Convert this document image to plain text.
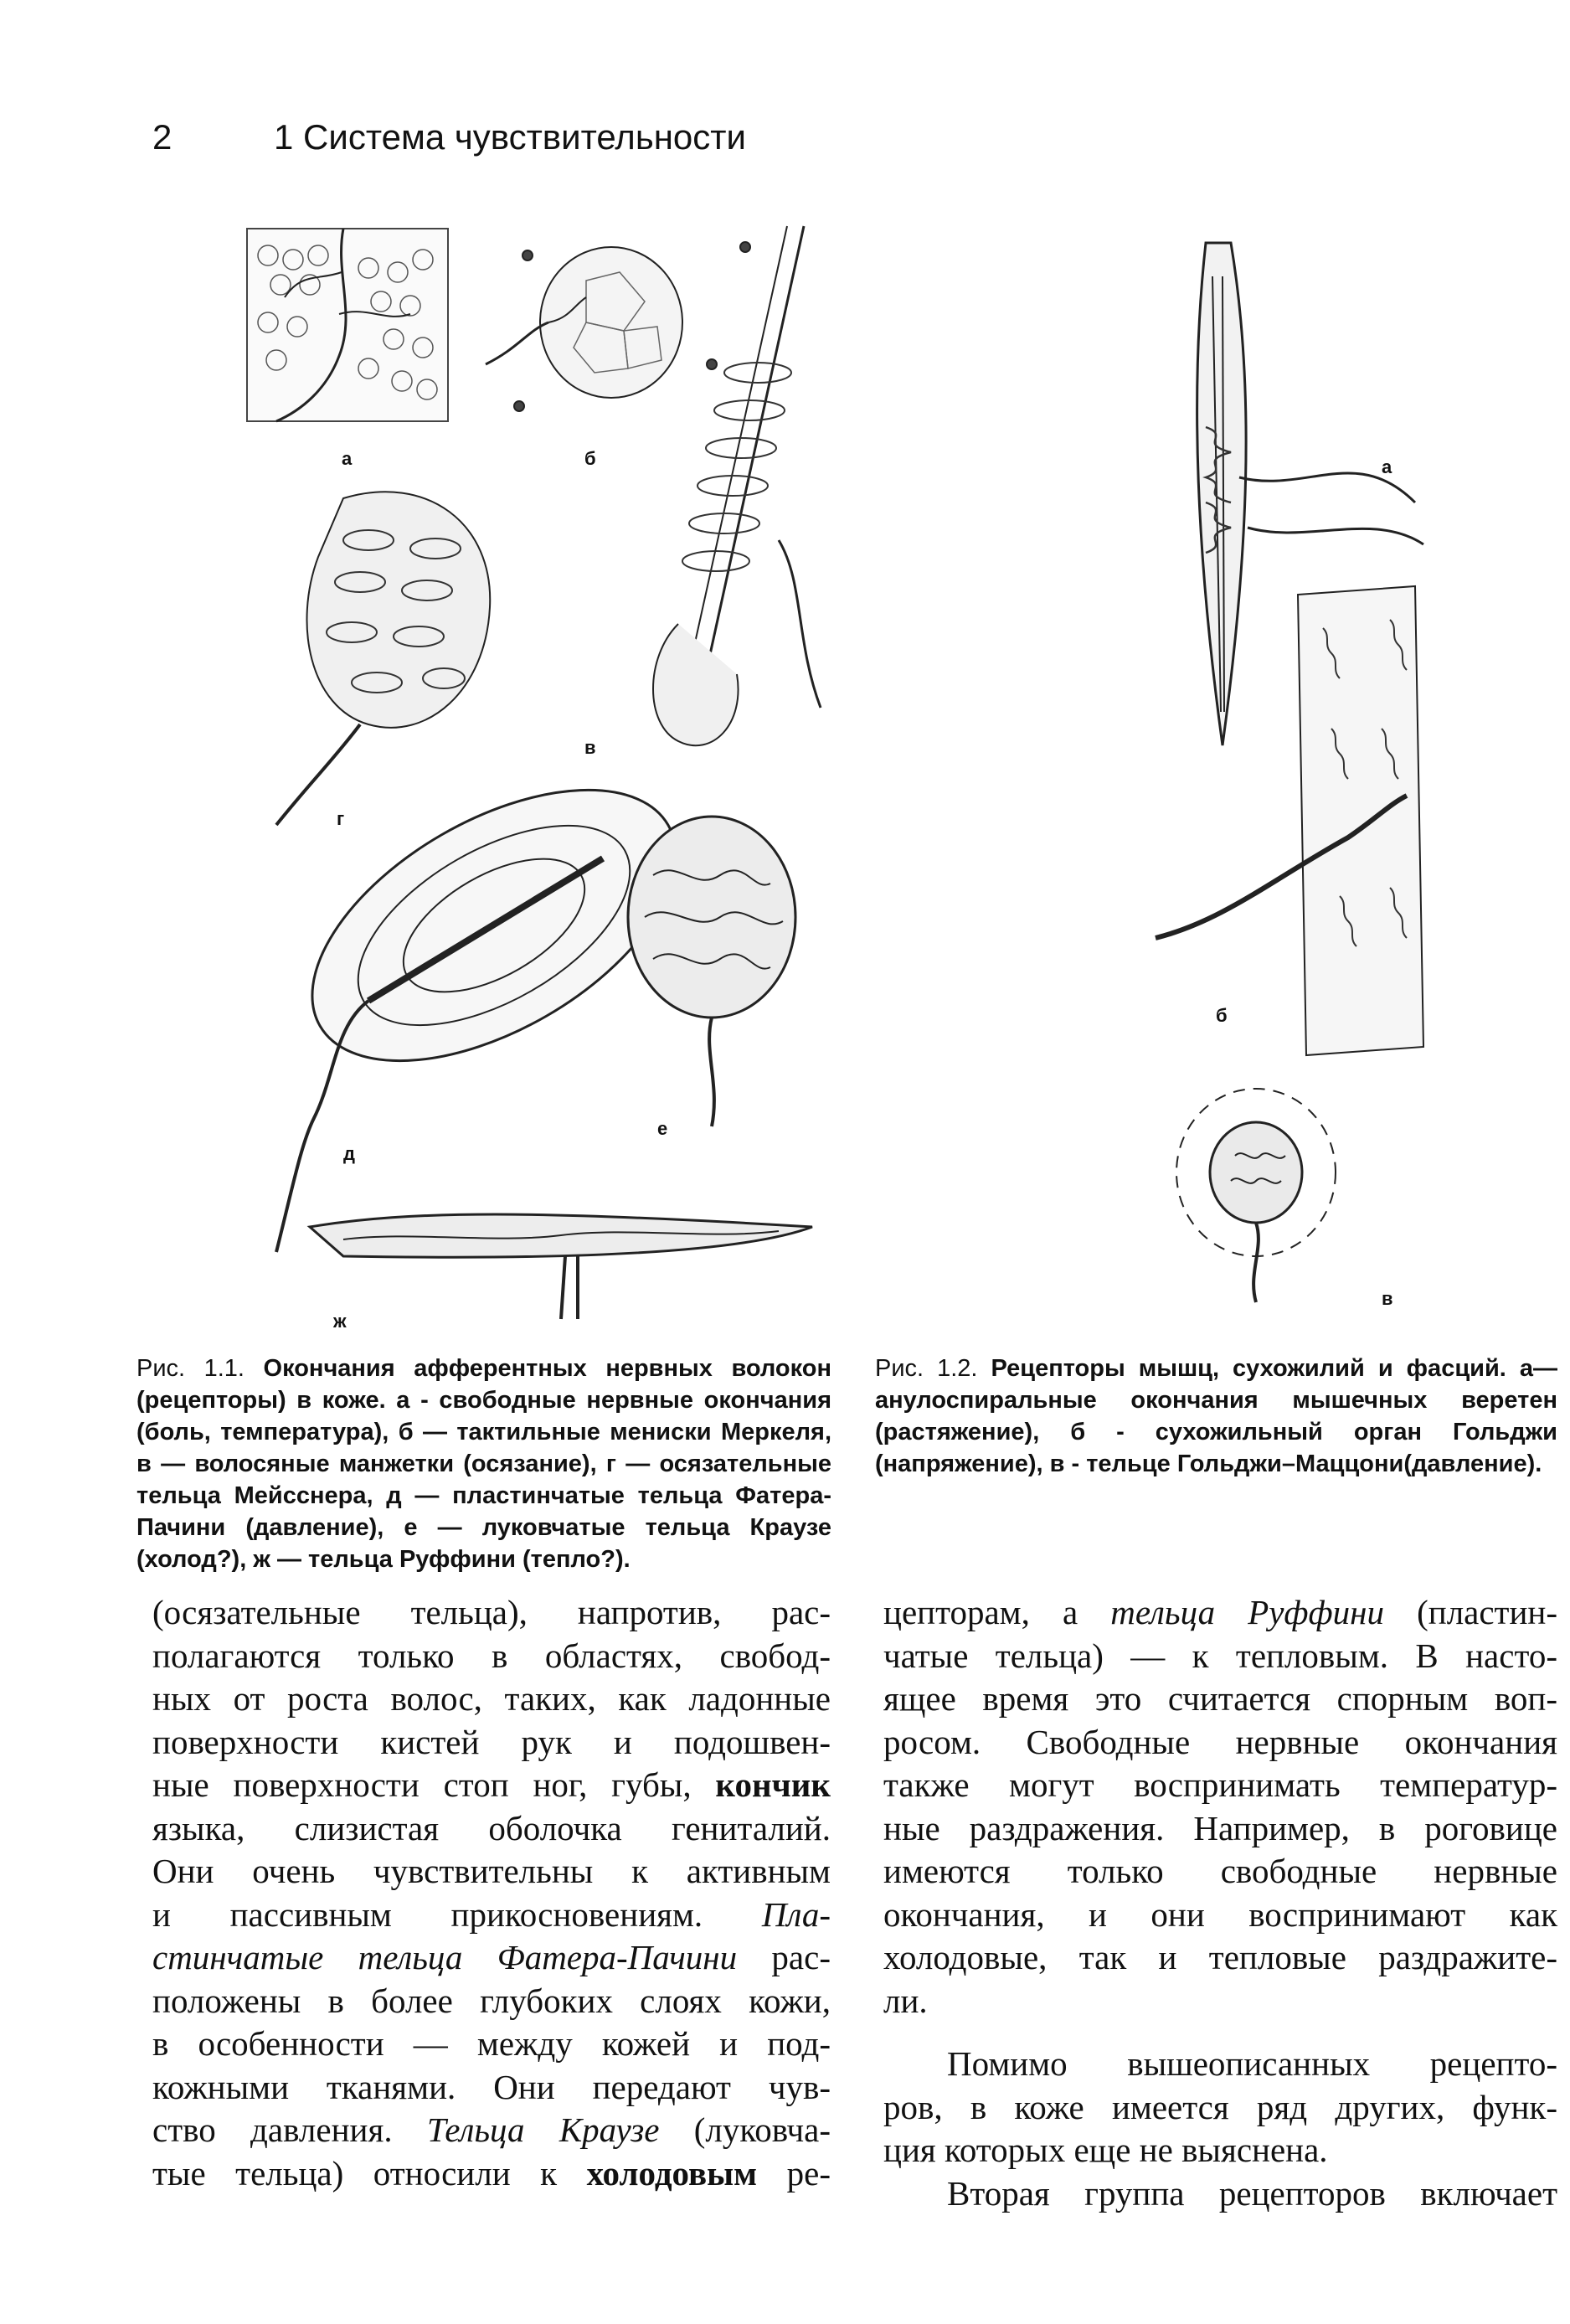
2	1 Система чувствительности
а	б
в
г
д
е
ж
а
б
в
Рис. 1.1. Окончания афферентных нервных волокон (рецепторы) в коже. а - свободные нервные окончания (боль, температура), б — тактильные мениски Меркеля, в — волосяные манжетки (осязание), г — осязательные тельца Мейсснера, д — пластинчатые тельца Фатера-Пачини (давление), е — луковчатые тельца Краузе (холод?), ж — тельца Руффини (тепло?).
Рис. 1.2. Рецепторы мышц, сухожилий и фасций. а—анулоспиральные окончания мышечных веретен (растяжение), б - сухожильный орган Гольджи (напряжение), в - тельце Гольджи–Маццони(давление).
(осязательные тельца), напротив, рас-
полагаются только в областях, свобод-
ных от роста волос, таких, как ладонные
поверхности кистей рук и подошвен-
ные поверхности стоп ног, губы, кончик
языка, слизистая оболочка гениталий.
Они очень чувствительны к активным
и пассивным прикосновениям. Пла-
стинчатые тельца Фатера-Пачини рас-
положены в более глубоких слоях кожи,
в особенности — между кожей и под-
кожными тканями. Они передают чув-
ство давления. Тельца Краузе (луковча-
тые тельца) относили к холодовым ре-
цепторам, а тельца Руффини (пластин-
чатые тельца) — к тепловым. В насто-
ящее время это считается спорным воп-
росом. Свободные нервные окончания
также могут воспринимать температур-
ные раздражения. Например, в роговице
имеются только свободные нервные
окончания, и они воспринимают как
холодовые, так и тепловые раздражите-
ли.
Помимо вышеописанных рецепто-
ров, в коже имеется ряд других, функ-
ция которых еще не выяснена.
Вторая группа рецепторов включает
